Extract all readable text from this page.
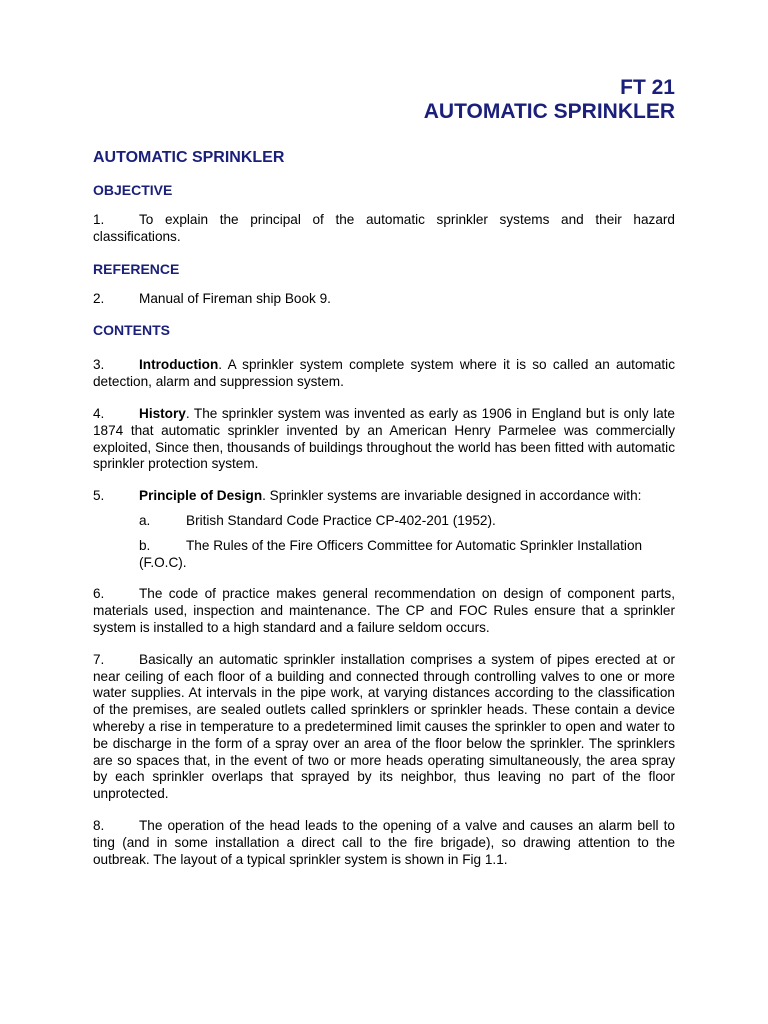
FT 21
AUTOMATIC SPRINKLER
AUTOMATIC SPRINKLER
OBJECTIVE
1.	To explain the principal of the automatic sprinkler systems and their hazard classifications.
REFERENCE
2.	Manual of Fireman ship Book 9.
CONTENTS
3.	Introduction. A sprinkler system complete system where it is so called an automatic detection, alarm and suppression system.
4.	History. The sprinkler system was invented as early as 1906 in England but is only late 1874 that automatic sprinkler invented by an American Henry Parmelee was commercially exploited, Since then, thousands of buildings throughout the world has been fitted with automatic sprinkler protection system.
5.	Principle of Design. Sprinkler systems are invariable designed in accordance with:
a.	British Standard Code Practice CP-402-201 (1952).
b.	The Rules of the Fire Officers Committee for Automatic Sprinkler Installation (F.O.C).
6.	The code of practice makes general recommendation on design of component parts, materials used, inspection and maintenance. The CP and FOC Rules ensure that a sprinkler system is installed to a high standard and a failure seldom occurs.
7.	Basically an automatic sprinkler installation comprises a system of pipes erected at or near ceiling of each floor of a building and connected through controlling valves to one or more water supplies. At intervals in the pipe work, at varying distances according to the classification of the premises, are sealed outlets called sprinklers or sprinkler heads. These contain a device whereby a rise in temperature to a predetermined limit causes the sprinkler to open and water to be discharge in the form of a spray over an area of the floor below the sprinkler. The sprinklers are so spaces that, in the event of two or more heads operating simultaneously, the area spray by each sprinkler overlaps that sprayed by its neighbor, thus leaving no part of the floor unprotected.
8.	The operation of the head leads to the opening of a valve and causes an alarm bell to ting (and in some installation a direct call to the fire brigade), so drawing attention to the outbreak. The layout of a typical sprinkler system is shown in Fig 1.1.
